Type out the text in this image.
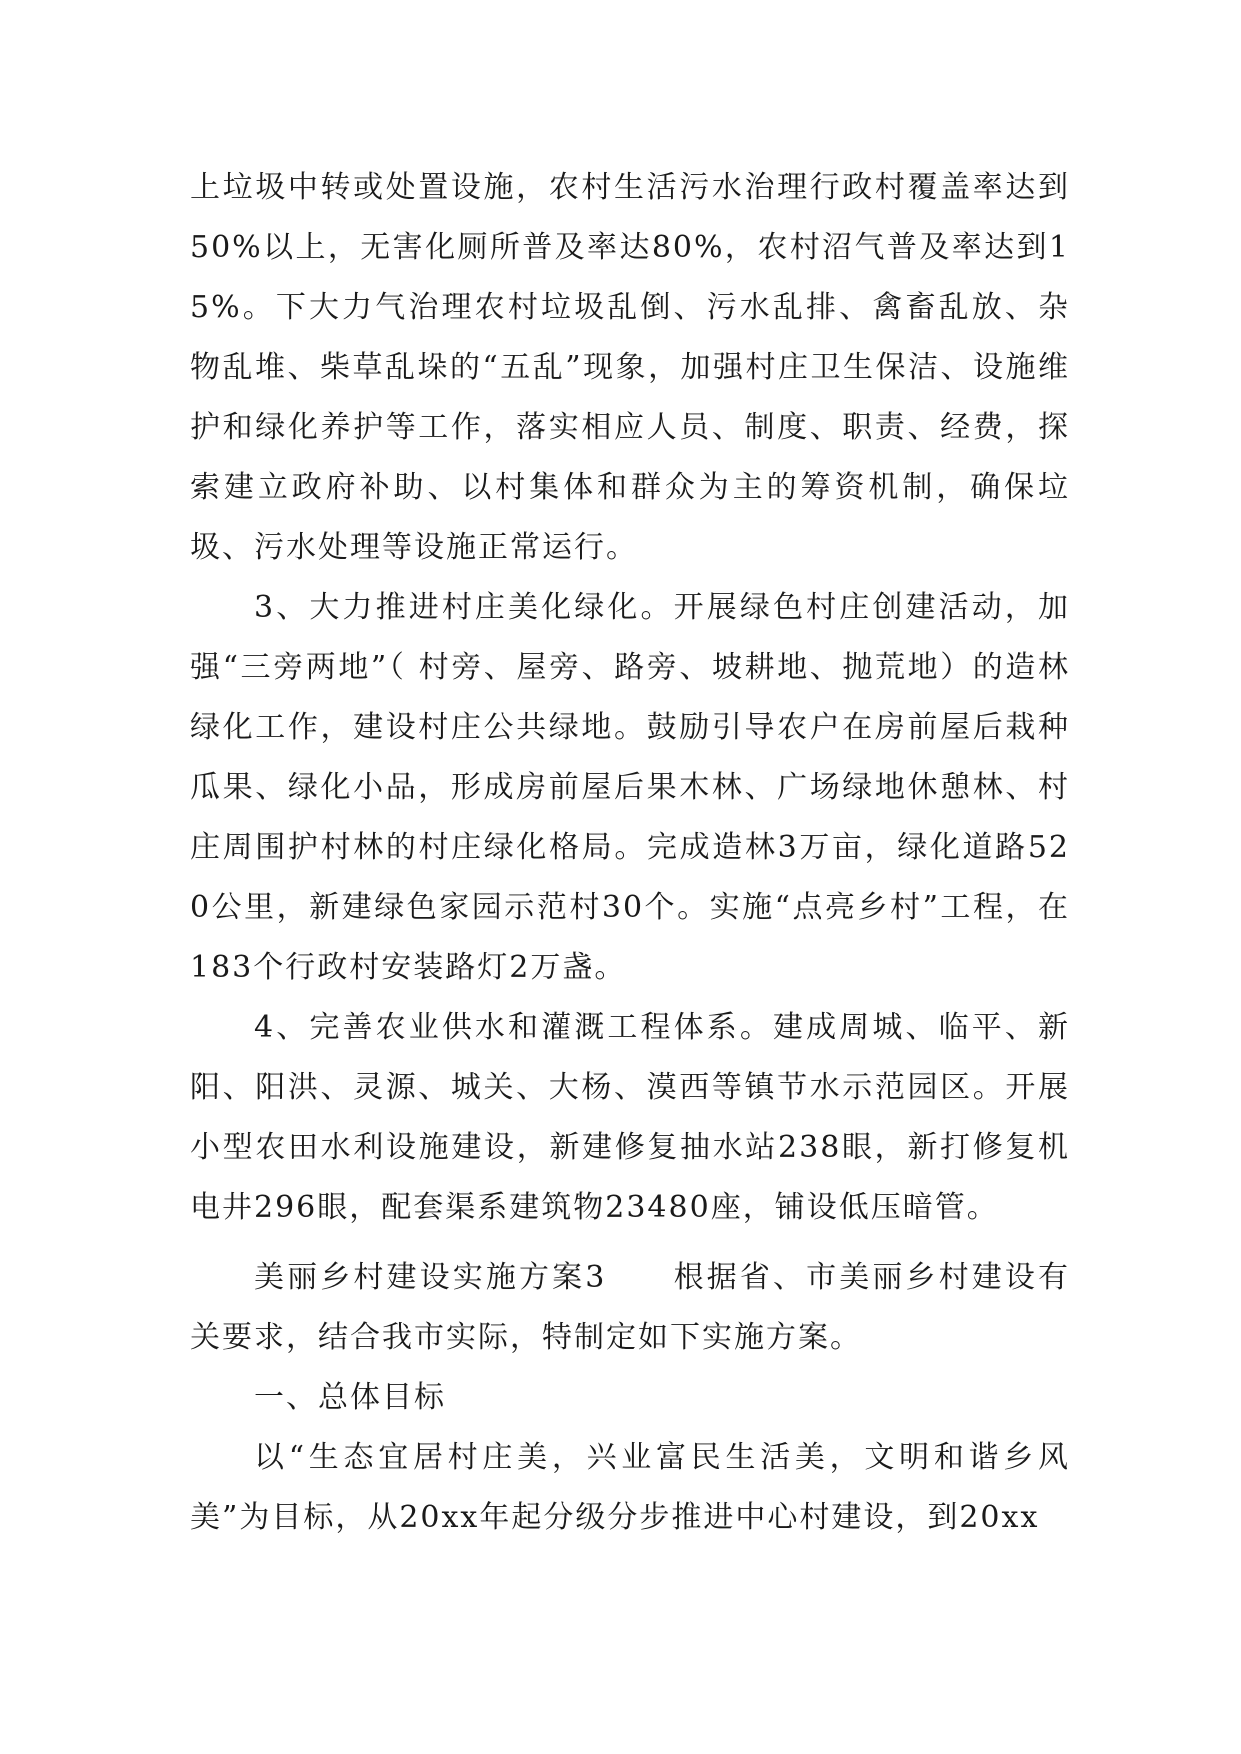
上垃圾中转或处置设施，农村生活污水治理行政村覆盖率达到50%以上，无害化厕所普及率达80%，农村沼气普及率达到15%。下大力气治理农村垃圾乱倒、污水乱排、禽畜乱放、杂物乱堆、柴草乱垛的“五乱”现象，加强村庄卫生保洁、设施维护和绿化养护等工作，落实相应人员、制度、职责、经费，探索建立政府补助、以村集体和群众为主的筹资机制，确保垃圾、污水处理等设施正常运行。

3、大力推进村庄美化绿化。开展绿色村庄创建活动，加强“三旁两地”（ 村旁、屋旁、路旁、坡耕地、抛荒地）的造林绿化工作，建设村庄公共绿地。鼓励引导农户在房前屋后栽种瓜果、绿化小品，形成房前屋后果木林、广场绿地休憩林、村庄周围护村林的村庄绿化格局。完成造林3万亩，绿化道路520公里，新建绿色家园示范村30个。实施“点亮乡村”工程，在183个行政村安装路灯2万盏。

4、完善农业供水和灌溉工程体系。建成周城、临平、新阳、阳洪、灵源、城关、大杨、漠西等镇节水示范园区。开展小型农田水利设施建设，新建修复抽水站238眼，新打修复机电井296眼，配套渠系建筑物23480座，铺设低压暗管。

美丽乡村建设实施方案3　　根据省、市美丽乡村建设有关要求，结合我市实际，特制定如下实施方案。

一、总体目标

以“生态宜居村庄美，兴业富民生活美，文明和谐乡风美”为目标，从20xx年起分级分步推进中心村建设，到20xx
